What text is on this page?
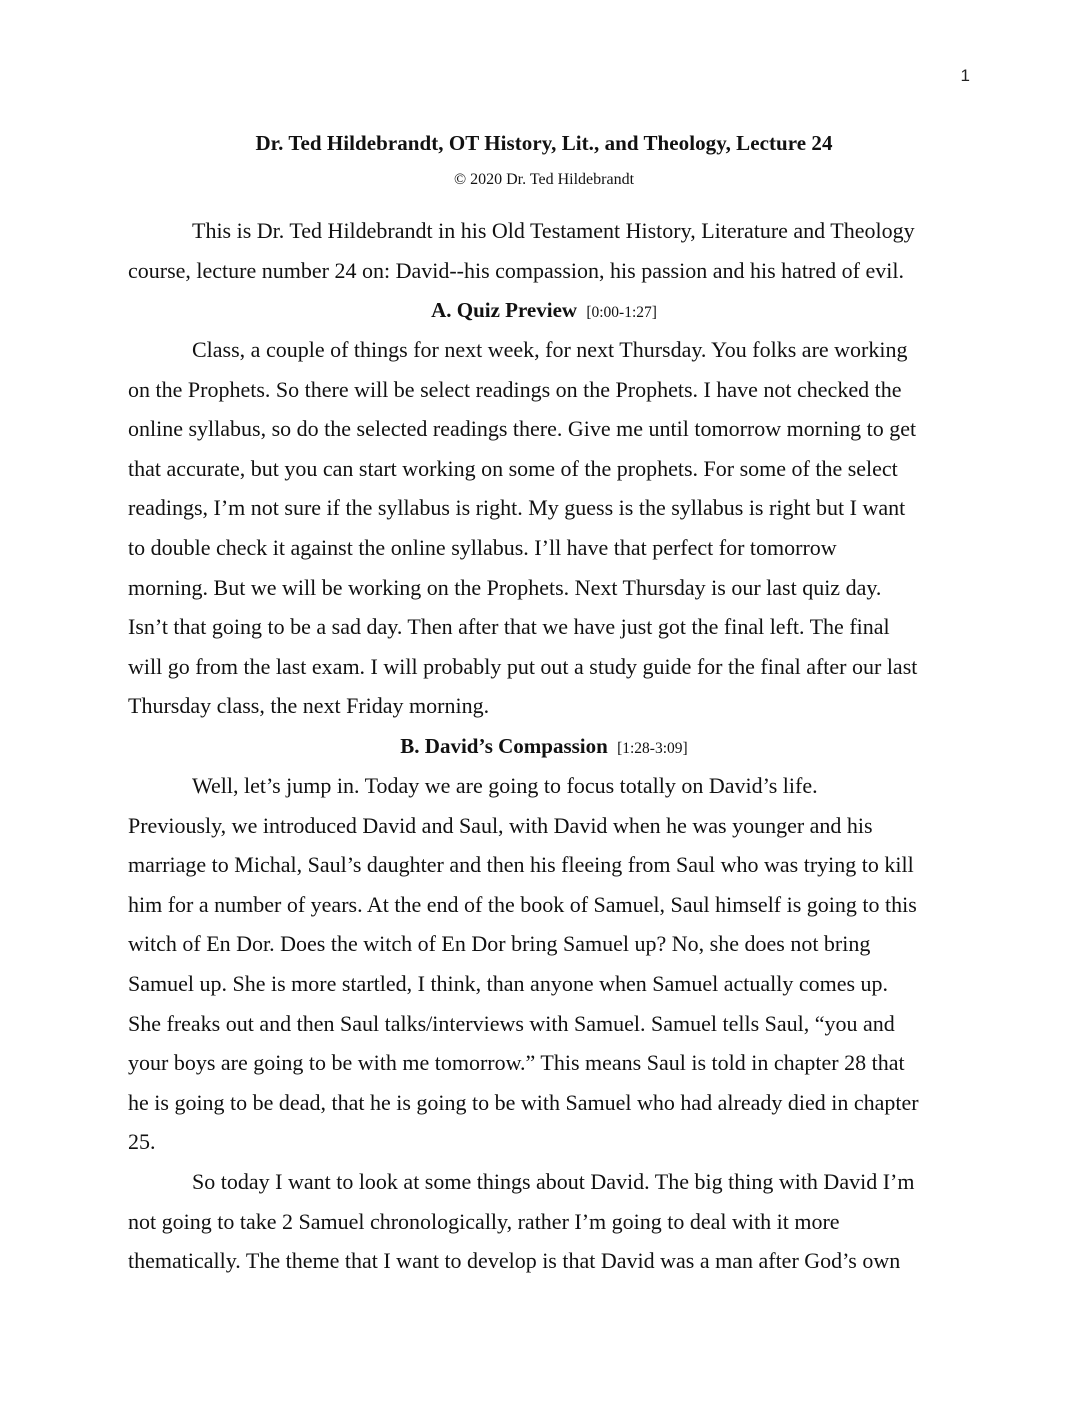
1
Dr. Ted Hildebrandt, OT History, Lit., and Theology, Lecture 24
© 2020 Dr. Ted Hildebrandt

This is Dr. Ted Hildebrandt in his Old Testament History, Literature and Theology
course, lecture number 24 on: David--his compassion, his passion and his hatred of evil.

A. Quiz Preview [0:00-1:27]

Class, a couple of things for next week, for next Thursday. You folks are working
on the Prophets. So there will be select readings on the Prophets. I have not checked the
online syllabus, so do the selected readings there. Give me until tomorrow morning to get
that accurate, but you can start working on some of the prophets. For some of the select
readings, I’m not sure if the syllabus is right. My guess is the syllabus is right but I want
to double check it against the online syllabus. I’ll have that perfect for tomorrow
morning. But we will be working on the Prophets. Next Thursday is our last quiz day.
Isn’t that going to be a sad day. Then after that we have just got the final left. The final
will go from the last exam. I will probably put out a study guide for the final after our last
Thursday class, the next Friday morning.

B. David’s Compassion [1:28-3:09]

Well, let’s jump in. Today we are going to focus totally on David’s life.
Previously, we introduced David and Saul, with David when he was younger and his
marriage to Michal, Saul’s daughter and then his fleeing from Saul who was trying to kill
him for a number of years. At the end of the book of Samuel, Saul himself is going to this
witch of En Dor. Does the witch of En Dor bring Samuel up? No, she does not bring
Samuel up. She is more startled, I think, than anyone when Samuel actually comes up.
She freaks out and then Saul talks/interviews with Samuel. Samuel tells Saul, “you and
your boys are going to be with me tomorrow.” This means Saul is told in chapter 28 that
he is going to be dead, that he is going to be with Samuel who had already died in chapter
25.

So today I want to look at some things about David. The big thing with David I’m
not going to take 2 Samuel chronologically, rather I’m going to deal with it more
thematically. The theme that I want to develop is that David was a man after God’s own
